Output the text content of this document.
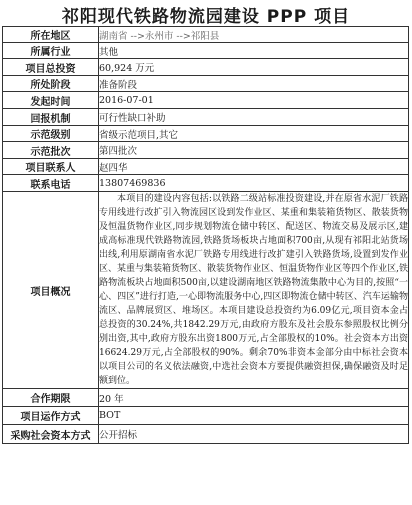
祁阳现代铁路物流园建设 PPP 项目
所在地区	湖南省 -->永州市 -->祁阳县
所属行业	其他
项目总投资	60,924 万元
所处阶段	准备阶段
发起时间	2016-07-01
回报机制	可行性缺口补助
示范级别	省级示范项目,其它
示范批次	第四批次
项目联系人	赵四华
联系电话	13807469836
项目概况	本项目的建设内容包括:以铁路二级站标准投资建设,并在原省水泥厂铁路专用线进行改扩引入物流园区设到发作业区、某重和集装箱货物区、散装货物及恒温货物作业区,同步规划物流仓储中转区、配送区、物流交易及展示区,建成高标准现代铁路物流园,铁路货场板块占地面积700亩,从现有祁阳北站货场出线,利用原湖南省水泥厂铁路专用线进行改扩建引入铁路货场,设置到发作业区、某重与集装箱货物区、散装货物作业区、恒温货物作业区等四个作业区,铁路物流板块占地面积500亩,以建设湖南地区铁路物流集散中心为目的,按照“一心、四区”进行打造,一心即物流服务中心,四区即物流仓储中转区、汽车运输物流区、品牌展贸区、堆场区。本项目建设总投资约为6.09亿元,项目资本金占总投资的30.24%,共1842.29万元,由政府方股东及社会股东参照股权比例分别出资,其中,政府方股东出资1800万元,占全部股权的10%。社会资本方出资16624.29万元,占全部股权的90%。剩余70%非资本金部分由中标社会资本以项目公司的名义依法融资,中选社会资本方要提供融资担保,确保融资及时足额到位。
合作期限	20 年
项目运作方式	BOT
采购社会资本方式	公开招标
